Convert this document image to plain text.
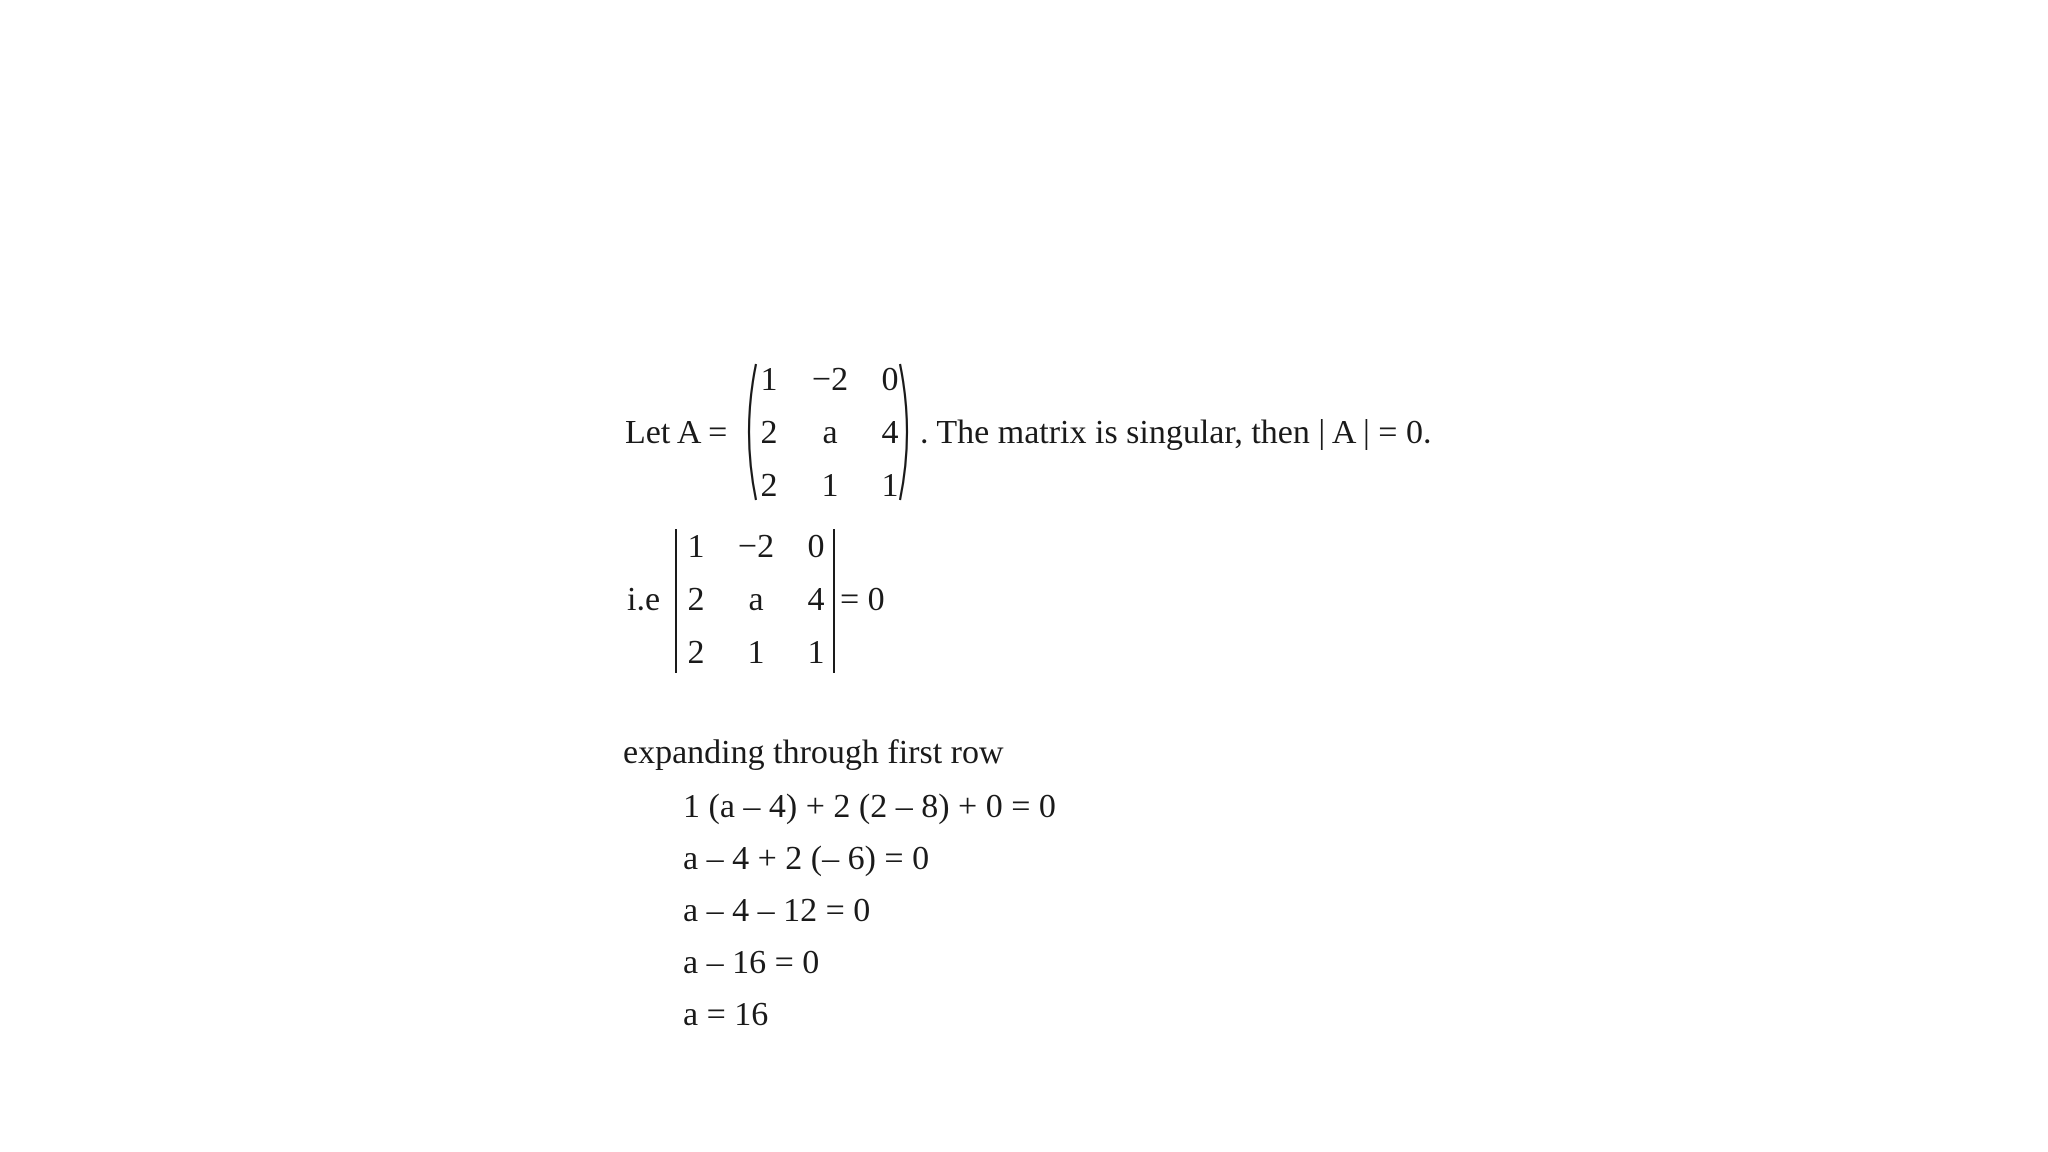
Let A =
1	−2 0
2	a	4
2	1	1
. The matrix is singular, then | A | = 0.
i.e
1 −2 0
2	a	4
2	1	1
= 0
expanding through first row
1 (a – 4) + 2 (2 – 8) + 0 = 0
a – 4 + 2 (– 6) = 0
a – 4 – 12 = 0
a – 16 = 0
a = 16
